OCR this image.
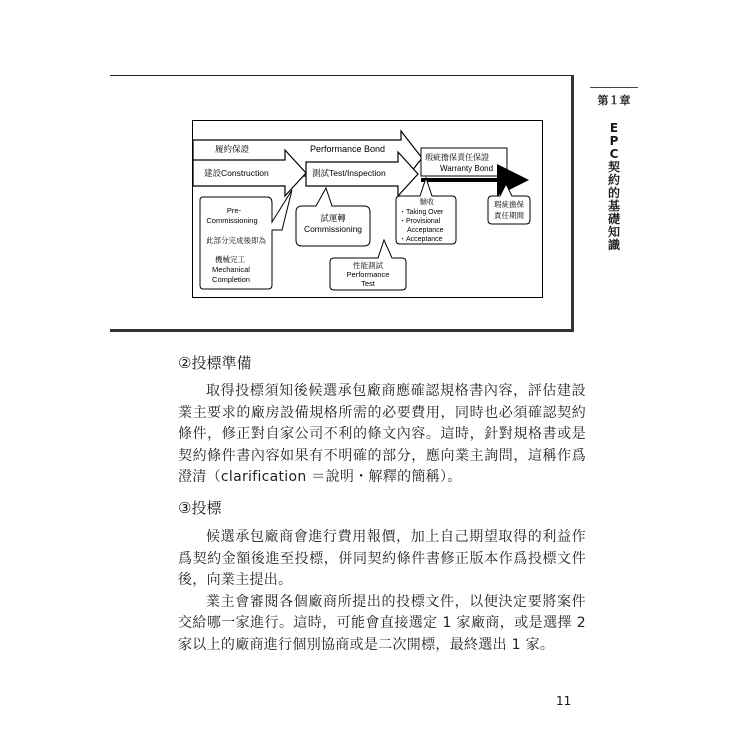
第１章
E
P
C
契
約
的
基
礎
知
識
履約保證	Performance Bond
建設Construction	測試Test/Inspection
瑕疵擔保責任保證
Warranty Bond
Pre-
Commissioning
此部分完成後即為
機械完工
Mechanical
Completion
試運轉
Commissioning
性能測試
Performance
Test
瑕疵擔保
責任期間
驗收
・Taking Over
・Provisional
Acceptance
・Acceptance
②投標準備

取得投標須知後候選承包廠商應確認規格書內容，評估建設業主要求的廠房設備規格所需的必要費用，同時也必須確認契約條件，修正對自家公司不利的條文內容。這時，針對規格書或是契約條件書內容如果有不明確的部分，應向業主詢問，這稱作爲澄清（clarification ＝說明・解釋的簡稱）。

③投標

候選承包廠商會進行費用報價，加上自己期望取得的利益作爲契約金額後進至投標，併同契約條件書修正版本作爲投標文件後，向業主提出。

業主會審閱各個廠商所提出的投標文件，以便決定要將案件交給哪一家進行。這時，可能會直接選定 1 家廠商，或是選擇 2 家以上的廠商進行個別協商或是二次開標，最終選出 1 家。

11
